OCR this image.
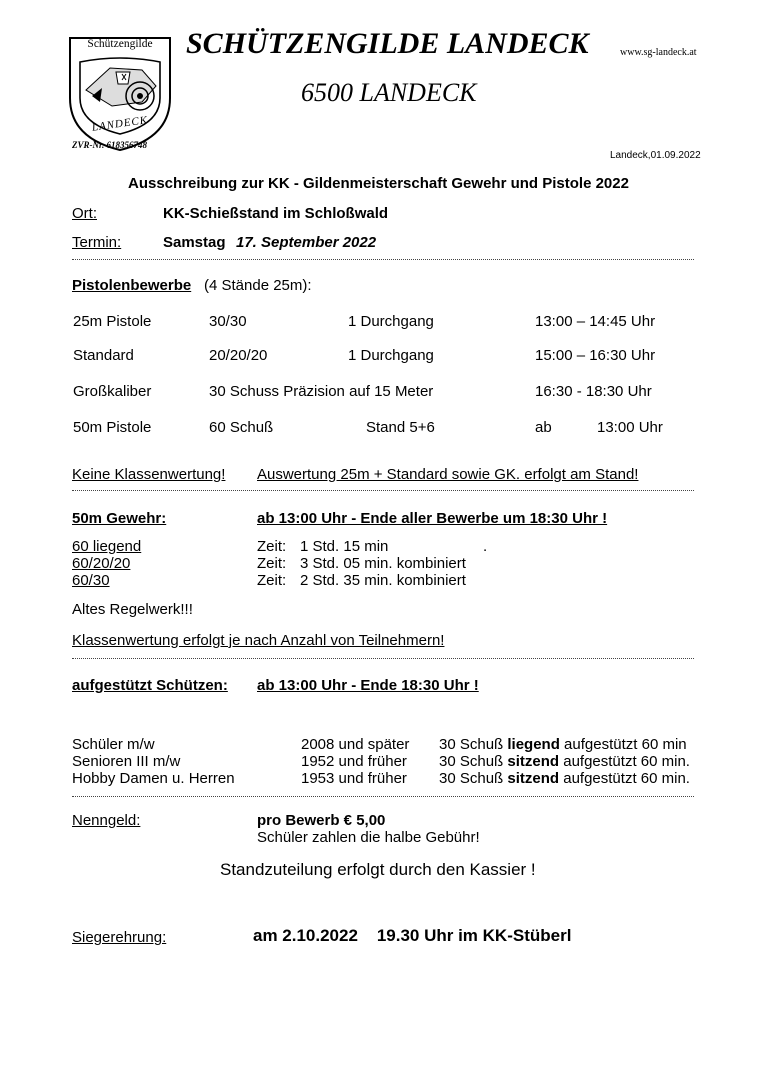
Schützengilde
LANDECK
ZVR-Nr. 618356748
SCHÜTZENGILDE LANDECK	www.sg-landeck.at
6500 LANDECK
Landeck,01.09.2022
Ausschreibung zur KK - Gildenmeisterschaft Gewehr und Pistole 2022
Ort:	KK-Schießstand im Schloßwald
Termin:	Samstag 17. September 2022
Pistolenbewerbe (4 Stände 25m):
25m Pistole	30/30	1 Durchgang	13:00 – 14:45 Uhr
Standard	20/20/20	1 Durchgang	15:00 – 16:30 Uhr
Großkaliber	30 Schuss Präzision auf 15 Meter	16:30 - 18:30 Uhr
50m Pistole	60 Schuß	Stand 5+6	ab	13:00 Uhr
Keine Klassenwertung! Auswertung 25m + Standard sowie GK. erfolgt am Stand!
50m Gewehr:	ab 13:00 Uhr - Ende aller Bewerbe um 18:30 Uhr !
60 liegend	Zeit: 1 Std. 15 min	.
60/20/20	Zeit: 3 Std. 05 min. kombiniert
60/30	Zeit: 2 Std. 35 min. kombiniert
Altes Regelwerk!!!
Klassenwertung erfolgt je nach Anzahl von Teilnehmern!
aufgestützt Schützen: ab 13:00 Uhr - Ende 18:30 Uhr !
Schüler m/w	2008 und später 30 Schuß liegend aufgestützt 60 min
Senioren III m/w	1952 und früher 30 Schuß sitzend aufgestützt 60 min.
Hobby Damen u. Herren	1953 und früher 30 Schuß sitzend aufgestützt 60 min.
Nenngeld:	pro Bewerb € 5,00
Schüler zahlen die halbe Gebühr!
Standzuteilung erfolgt durch den Kassier !
Siegerehrung:	am 2.10.2022    19.30 Uhr im KK-Stüberl
